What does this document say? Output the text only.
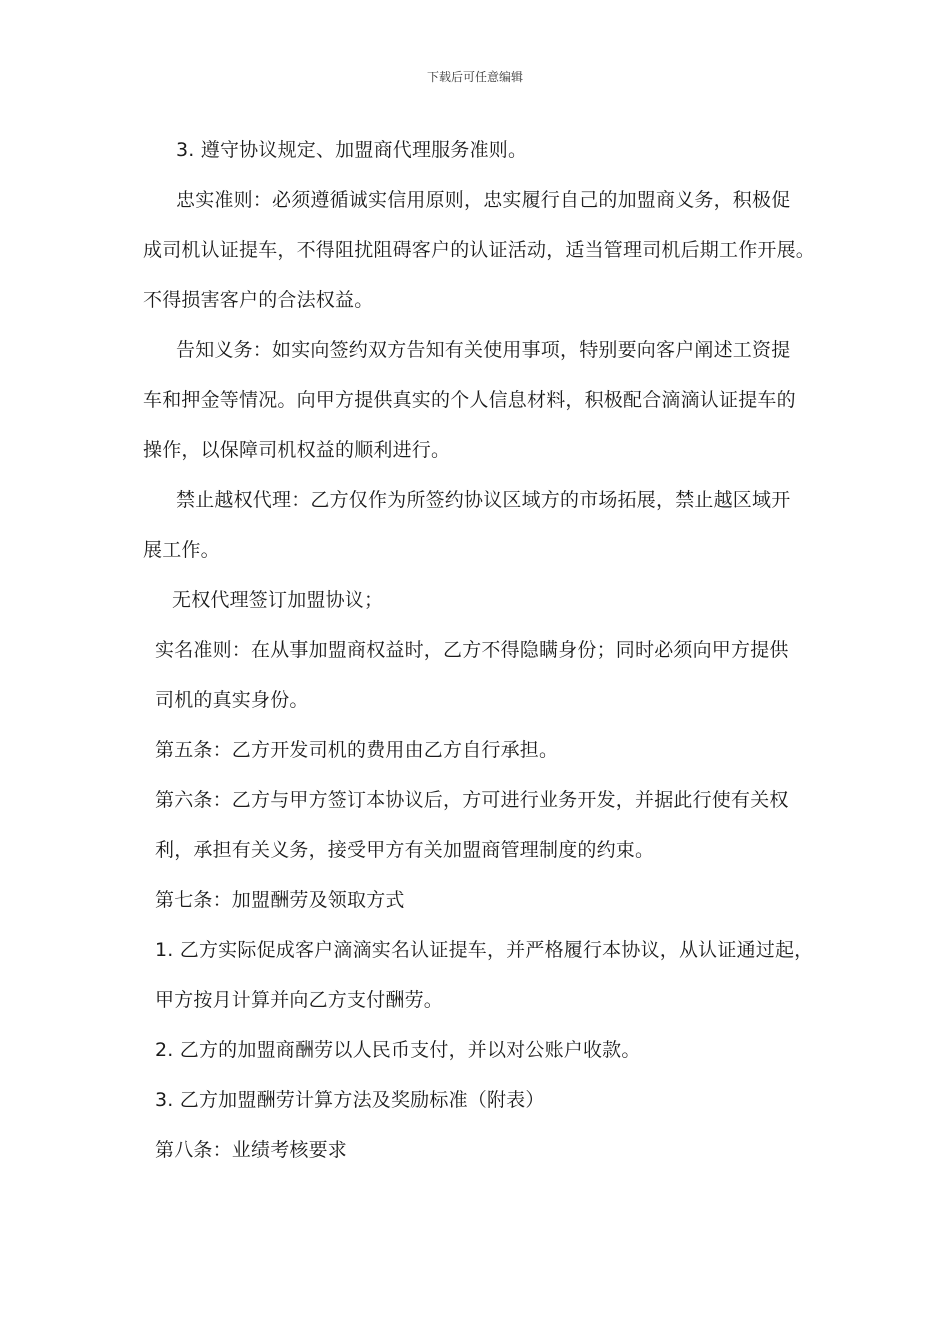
下载后可任意编辑
3. 遵守协议规定、加盟商代理服务准则。
忠实准则：必须遵循诚实信用原则，忠实履行自己的加盟商义务，积极促
成司机认证提车，不得阻扰阻碍客户的认证活动，适当管理司机后期工作开展。
不得损害客户的合法权益。
告知义务：如实向签约双方告知有关使用事项，特别要向客户阐述工资提
车和押金等情况。向甲方提供真实的个人信息材料，积极配合滴滴认证提车的
操作，以保障司机权益的顺利进行。
禁止越权代理：乙方仅作为所签约协议区域方的市场拓展，禁止越区域开
展工作。
无权代理签订加盟协议；
实名准则：在从事加盟商权益时，乙方不得隐瞒身份；同时必须向甲方提供
司机的真实身份。
第五条：乙方开发司机的费用由乙方自行承担。
第六条：乙方与甲方签订本协议后，方可进行业务开发，并据此行使有关权
利，承担有关义务，接受甲方有关加盟商管理制度的约束。
第七条：加盟酬劳及领取方式
1. 乙方实际促成客户滴滴实名认证提车，并严格履行本协议，从认证通过起，
甲方按月计算并向乙方支付酬劳。
2. 乙方的加盟商酬劳以人民币支付，并以对公账户收款。
3. 乙方加盟酬劳计算方法及奖励标准（附表）
第八条：业绩考核要求
